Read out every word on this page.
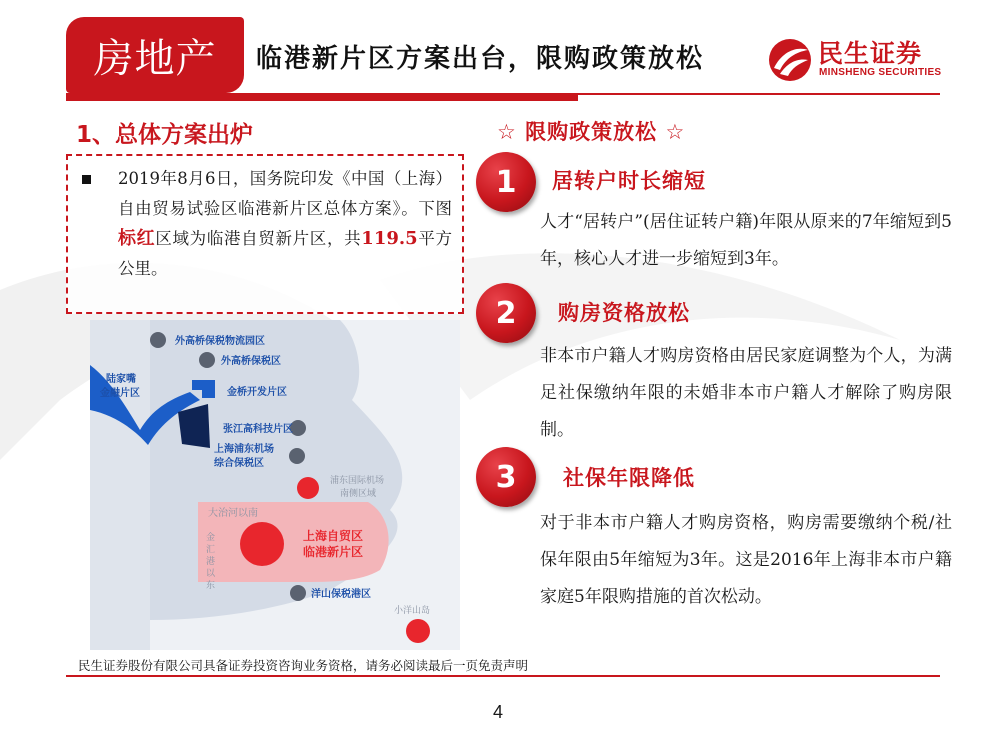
房地产	临港新片区方案出台，限购政策放松	民生证券
MINSHENG SECURITIES
1、总体方案出炉
2019年8月6日，国务院印发《中国（上海）自由贸易试验区临港新片区总体方案》。下图标红区域为临港自贸新片区，共119.5平方公里。
外高桥保税物流园区
外高桥保税区
陆家嘴
金融片区	金桥开发片区
张江高科技片区
上海浦东机场
综合保税区
浦东国际机场
南侧区域
大治河以南
金
汇
港
以
东
上海自贸区
临港新片区
洋山保税港区
小洋山岛
☆ 限购政策放松 ☆
1	居转户时长缩短
人才“居转户”(居住证转户籍)年限从原来的7年缩短到5年，核心人才进一步缩短到3年。
2	购房资格放松
非本市户籍人才购房资格由居民家庭调整为个人，为满足社保缴纳年限的未婚非本市户籍人才解除了购房限制。
3	社保年限降低
对于非本市户籍人才购房资格，购房需要缴纳个税/社保年限由5年缩短为3年。这是2016年上海非本市户籍家庭5年限购措施的首次松动。
民生证券股份有限公司具备证券投资咨询业务资格，请务必阅读最后一页免责声明
4
